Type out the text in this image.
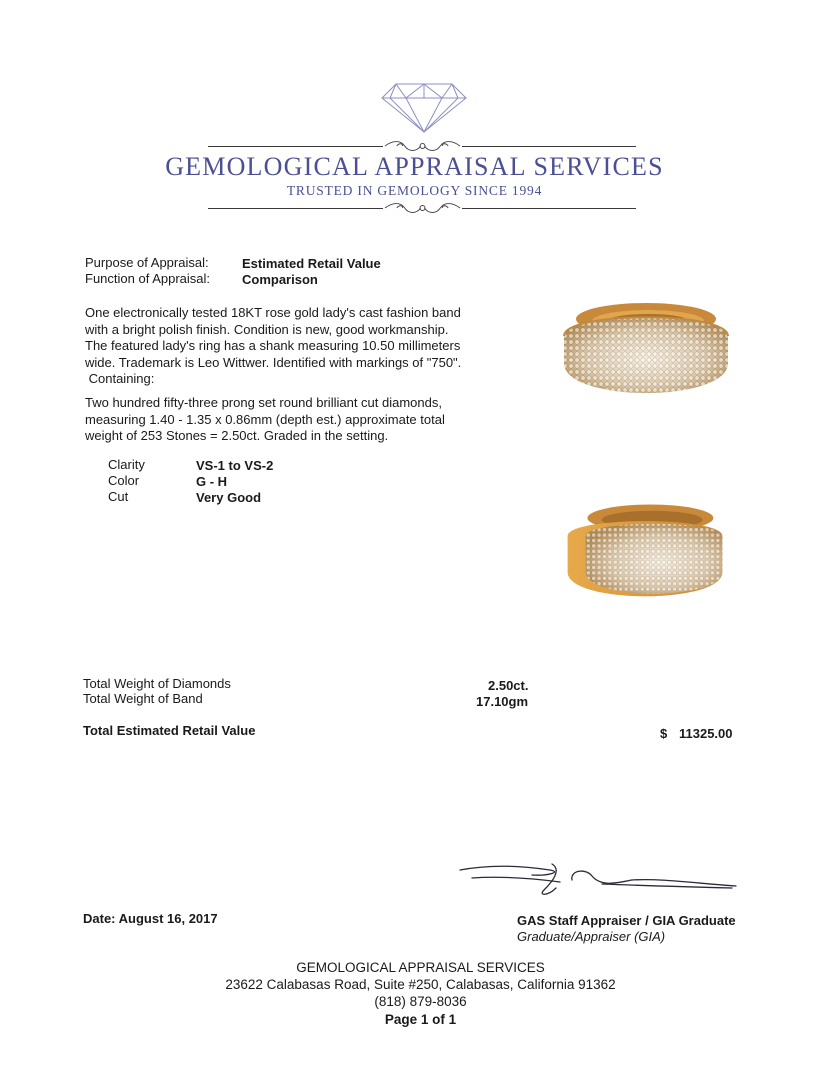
GEMOLOGICAL APPRAISAL SERVICES
TRUSTED IN GEMOLOGY SINCE 1994
Purpose of Appraisal:	Estimated Retail Value
Function of Appraisal: Comparison
One electronically tested 18KT rose gold lady's cast fashion band
with a bright polish finish. Condition is new, good workmanship.
The featured lady's ring has a shank measuring 10.50 millimeters
wide. Trademark is Leo Wittwer. Identified with markings of "750".
Containing:
Two hundred fifty-three prong set round brilliant cut diamonds,
measuring 1.40 - 1.35 x 0.86mm (depth est.) approximate total
weight of 253 Stones = 2.50ct. Graded in the setting.
Clarity	VS-1 to VS-2
Color	G - H
Cut	Very Good
Total Weight of Diamonds	2.50ct.
Total Weight of Band	17.10gm
Total Estimated Retail Value	$ 11325.00
Date: August 16, 2017	GAS Staff Appraiser / GIA Graduate
Graduate/Appraiser (GIA)
GEMOLOGICAL APPRAISAL SERVICES
23622 Calabasas Road, Suite #250, Calabasas, California 91362
(818) 879-8036
Page 1 of 1
